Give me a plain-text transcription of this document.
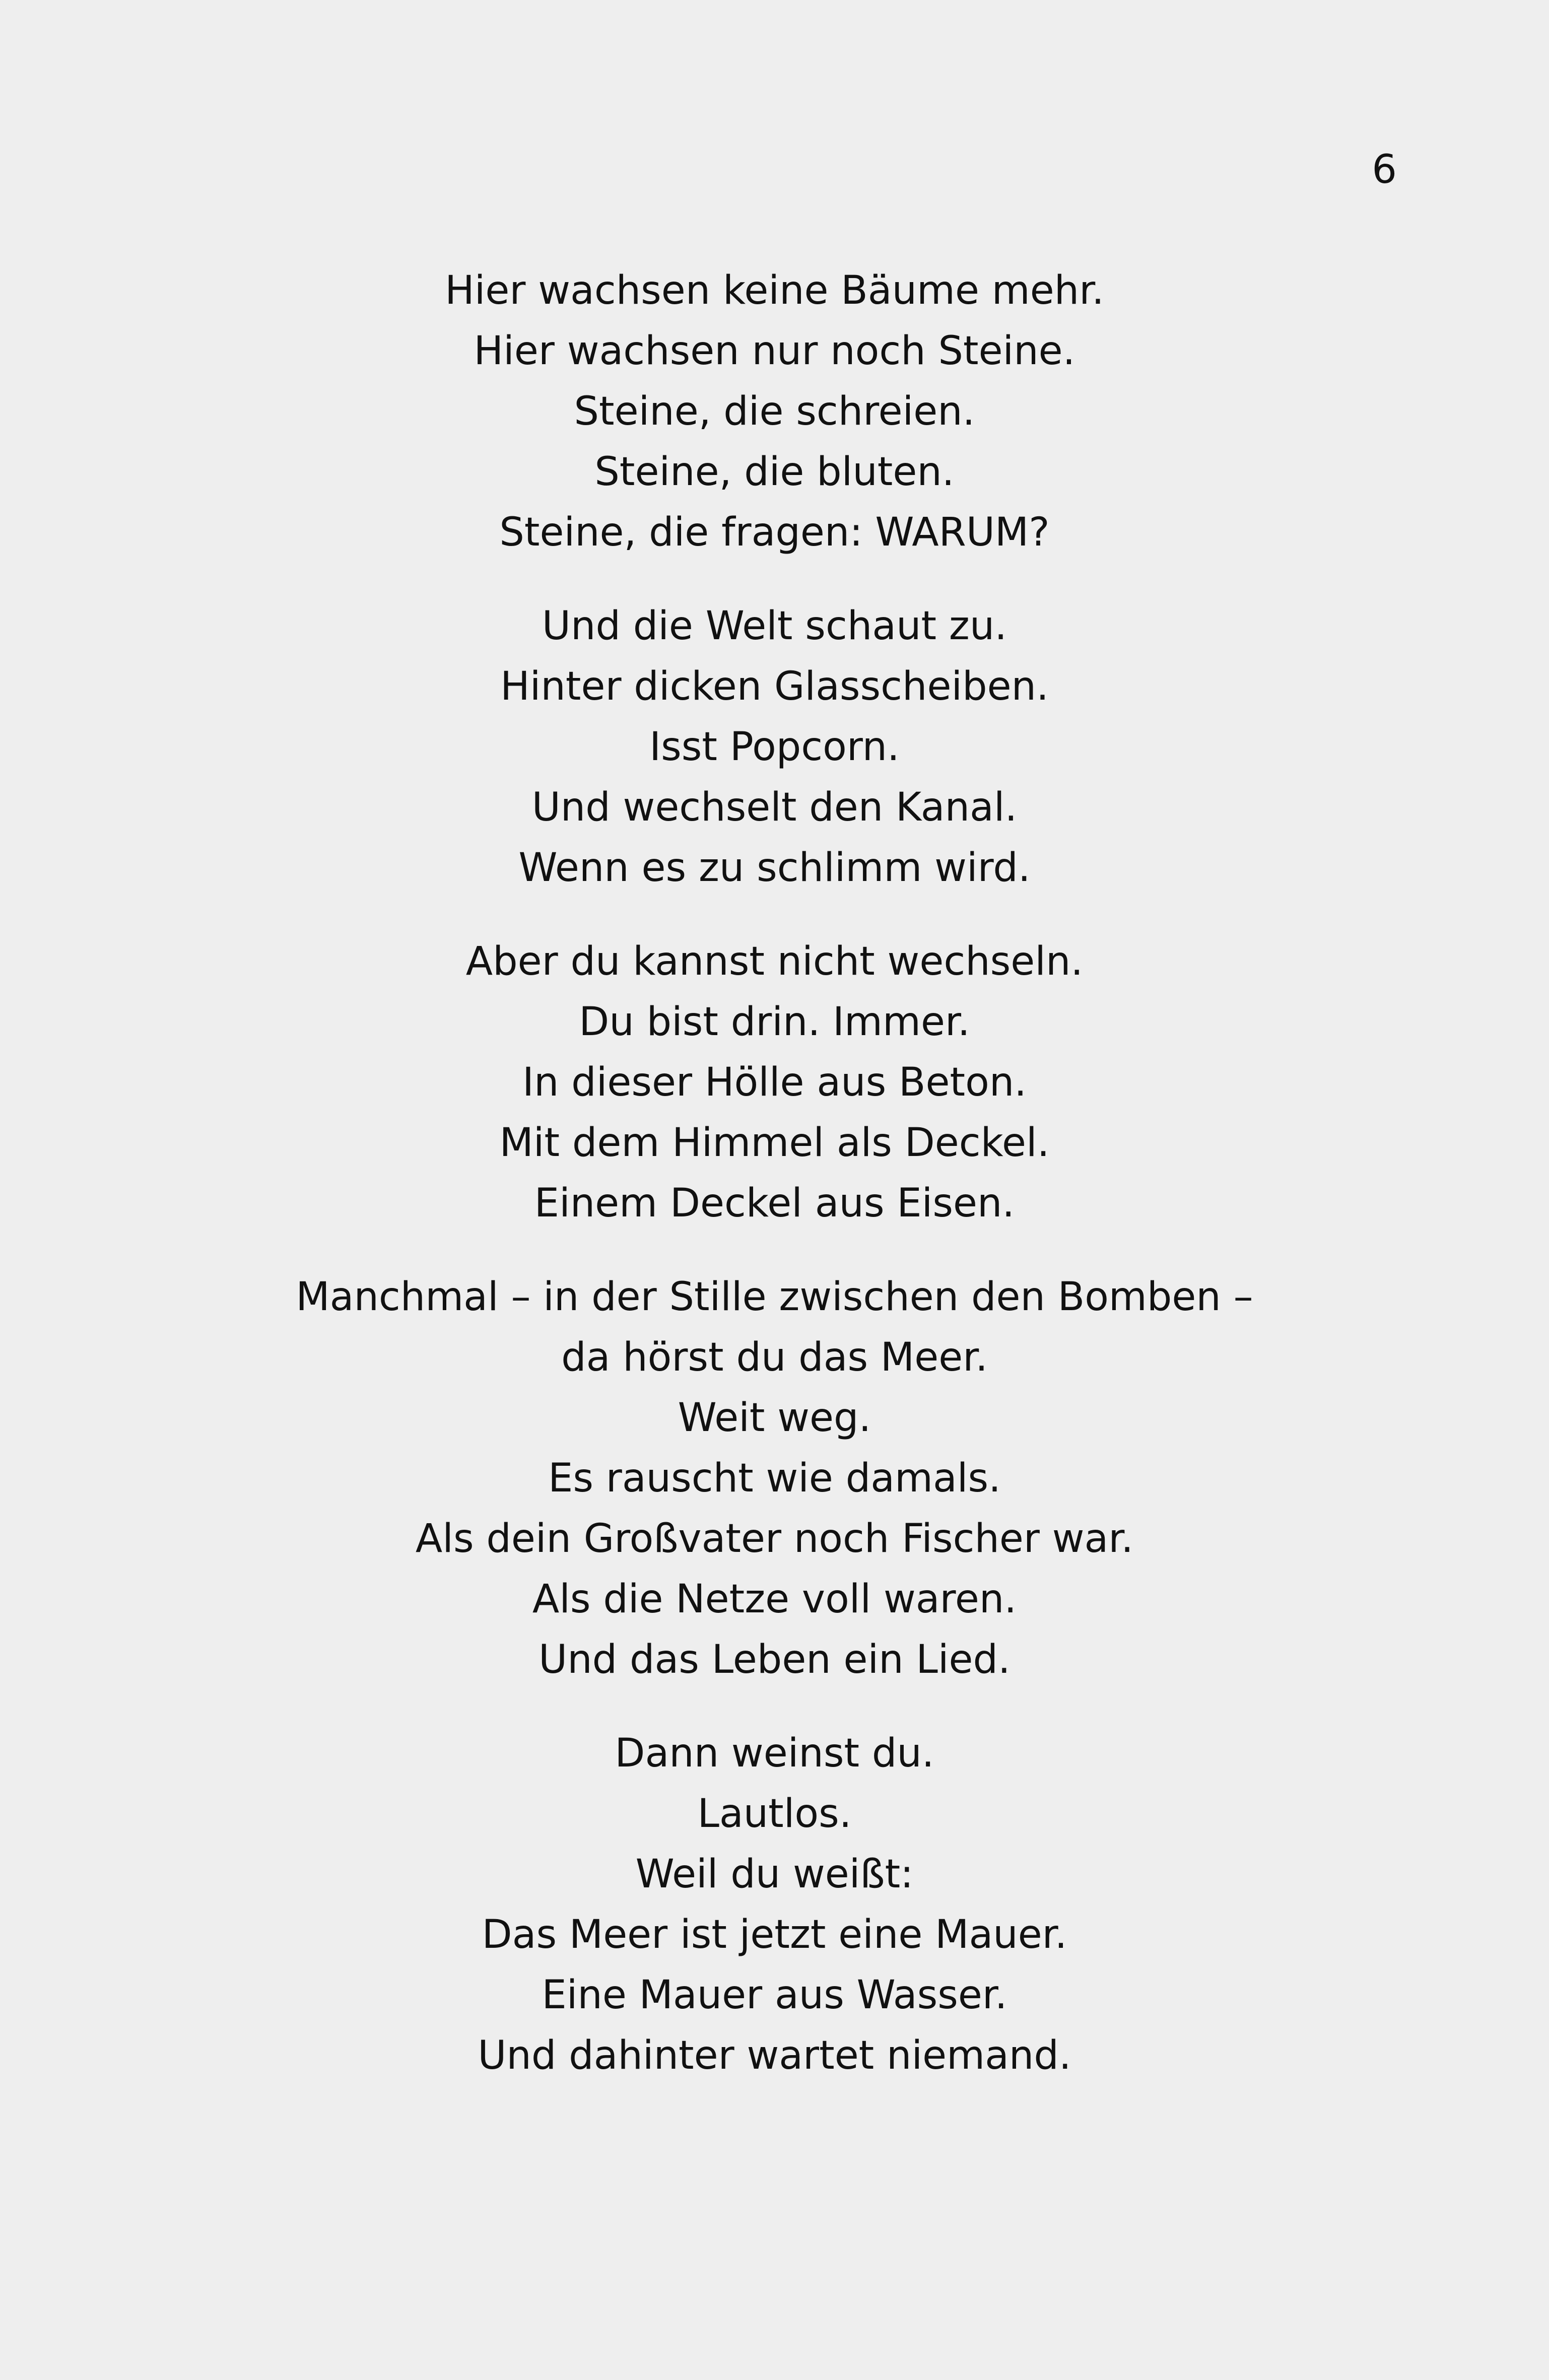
6
Hier wachsen keine Bäume mehr.
Hier wachsen nur noch Steine.
Steine, die schreien.
Steine, die bluten.
Steine, die fragen: WARUM?
Und die Welt schaut zu.
Hinter dicken Glasscheiben.
Isst Popcorn.
Und wechselt den Kanal.
Wenn es zu schlimm wird.
Aber du kannst nicht wechseln.
Du bist drin. Immer.
In dieser Hölle aus Beton.
Mit dem Himmel als Deckel.
Einem Deckel aus Eisen.
Manchmal – in der Stille zwischen den Bomben –
da hörst du das Meer.
Weit weg.
Es rauscht wie damals.
Als dein Großvater noch Fischer war.
Als die Netze voll waren.
Und das Leben ein Lied.
Dann weinst du.
Lautlos.
Weil du weißt:
Das Meer ist jetzt eine Mauer.
Eine Mauer aus Wasser.
Und dahinter wartet niemand.
